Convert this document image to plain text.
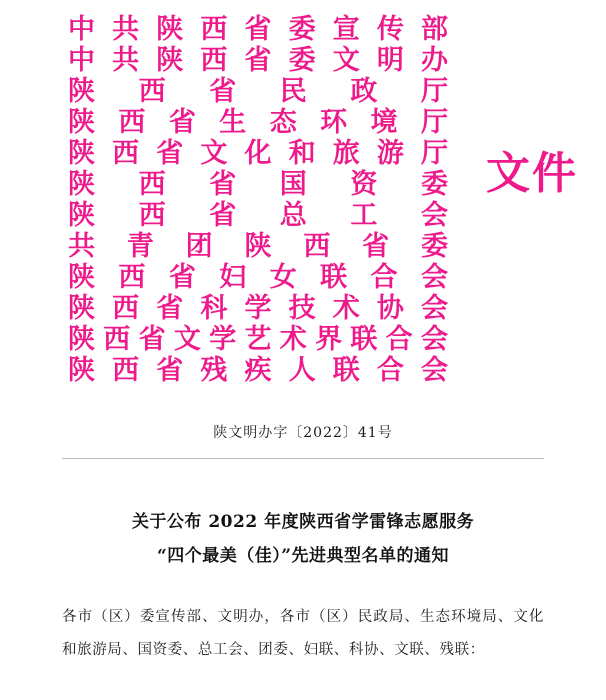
中 共 陕 西 省 委 宣 传 部
中 共 陕 西 省 委 文 明 办
陕 西 省 民 政 厅
陕 西 省 生 态 环 境 厅
陕 西 省 文 化 和 旅 游 厅
陕 西 省 国 资 委
陕 西 省 总 工 会
共 青 团 陕 西 省 委
陕 西 省 妇 女 联 合 会
陕 西 省 科 学 技 术 协 会
陕 西 省 文 学 艺 术 界 联 合 会
陕 西 省 残 疾 人 联 合 会
文件
陕文明办字〔2022〕41号
关于公布 2022 年度陕西省学雷锋志愿服务
“四个最美（佳）”先进典型名单的通知

各市（区）委宣传部、文明办，各市（区）民政局、生态环境局、文化和旅游局、国资委、总工会、团委、妇联、科协、文联、残联：
